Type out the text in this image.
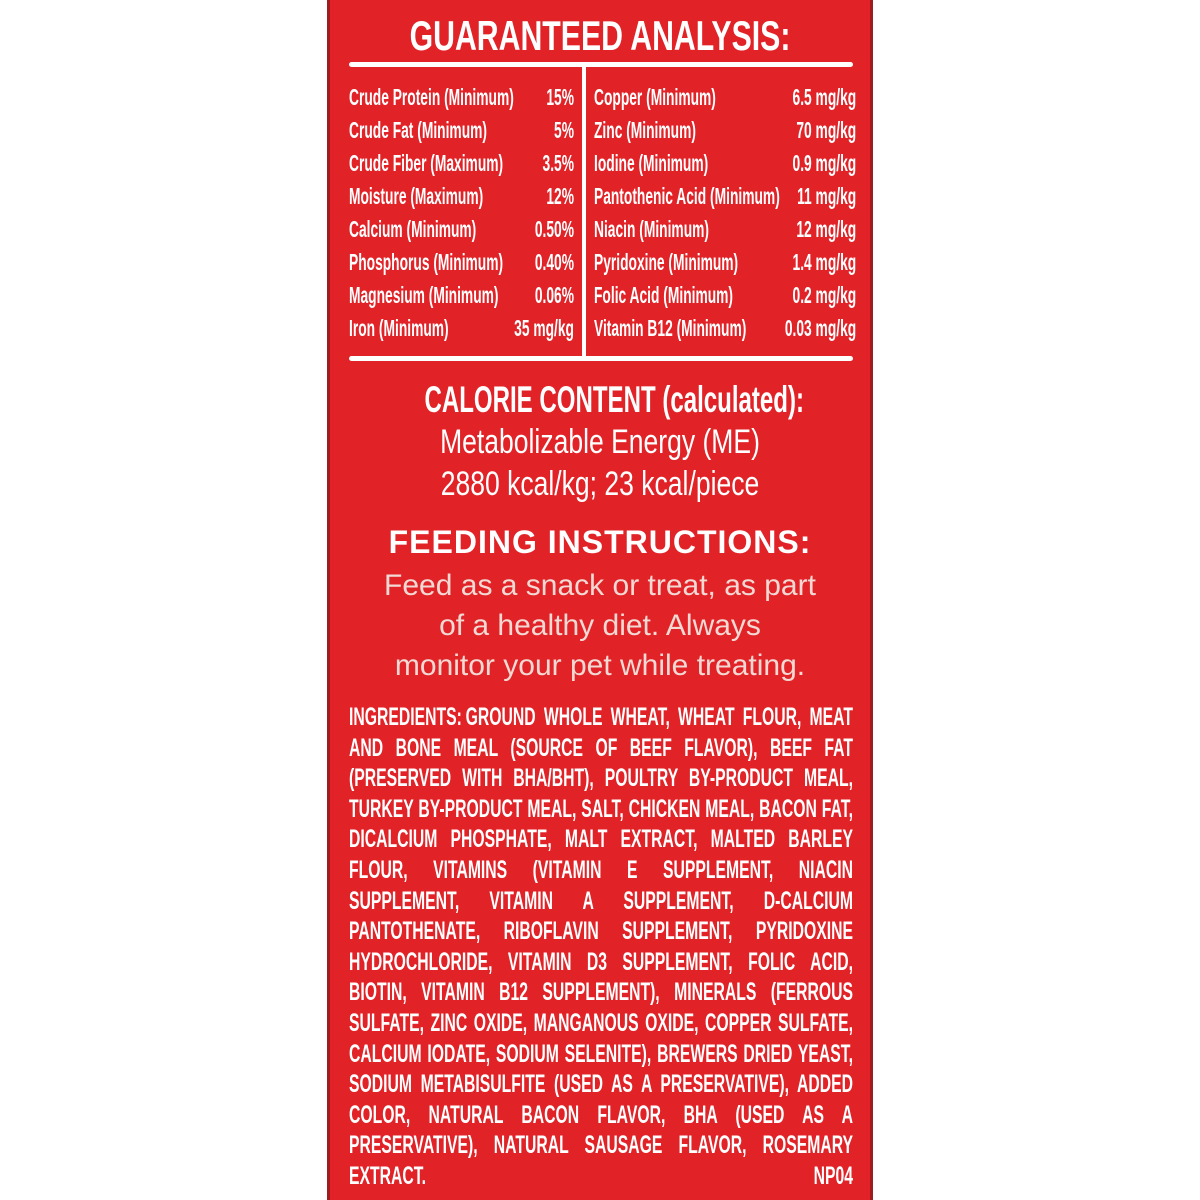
GUARANTEED ANALYSIS:
Crude Protein (Minimum) 15%
Crude Fat (Minimum)	5%
Crude Fiber (Maximum) 3.5%
Moisture (Maximum)	12%
Calcium (Minimum)	0.50%
Phosphorus (Minimum) 0.40%
Magnesium (Minimum) 0.06%
Iron (Minimum)	35 mg/kg
Copper (Minimum)	6.5 mg/kg
Zinc (Minimum)	70 mg/kg
Iodine (Minimum)	0.9 mg/kg
Pantothenic Acid (Minimum) 11 mg/kg
Niacin (Minimum)	12 mg/kg
Pyridoxine (Minimum) 1.4 mg/kg
Folic Acid (Minimum)	0.2 mg/kg
Vitamin B12 (Minimum) 0.03 mg/kg
CALORIE CONTENT (calculated):
Metabolizable Energy (ME)
2880 kcal/kg; 23 kcal/piece
FEEDING INSTRUCTIONS:
Feed as a snack or treat, as part
of a healthy diet. Always
monitor your pet while treating.

INGREDIENTS: GROUND WHOLE WHEAT, WHEAT FLOUR, MEAT AND BONE MEAL (SOURCE OF BEEF FLAVOR), BEEF FAT (PRESERVED WITH BHA/BHT), POULTRY BY-PRODUCT MEAL, TURKEY BY-PRODUCT MEAL, SALT, CHICKEN MEAL, BACON FAT, DICALCIUM PHOSPHATE, MALT EXTRACT, MALTED BARLEY FLOUR, VITAMINS (VITAMIN E SUPPLEMENT, NIACIN SUPPLEMENT, VITAMIN A SUPPLEMENT, D-CALCIUM PANTOTHENATE, RIBOFLAVIN SUPPLEMENT, PYRIDOXINE HYDROCHLORIDE, VITAMIN D3 SUPPLEMENT, FOLIC ACID, BIOTIN, VITAMIN B12 SUPPLEMENT), MINERALS (FERROUS SULFATE, ZINC OXIDE, MANGANOUS OXIDE, COPPER SULFATE, CALCIUM IODATE, SODIUM SELENITE), BREWERS DRIED YEAST, SODIUM METABISULFITE (USED AS A PRESERVATIVE), ADDED COLOR, NATURAL BACON FLAVOR, BHA (USED AS A PRESERVATIVE), NATURAL SAUSAGE FLAVOR, ROSEMARY EXTRACT.	NP04
